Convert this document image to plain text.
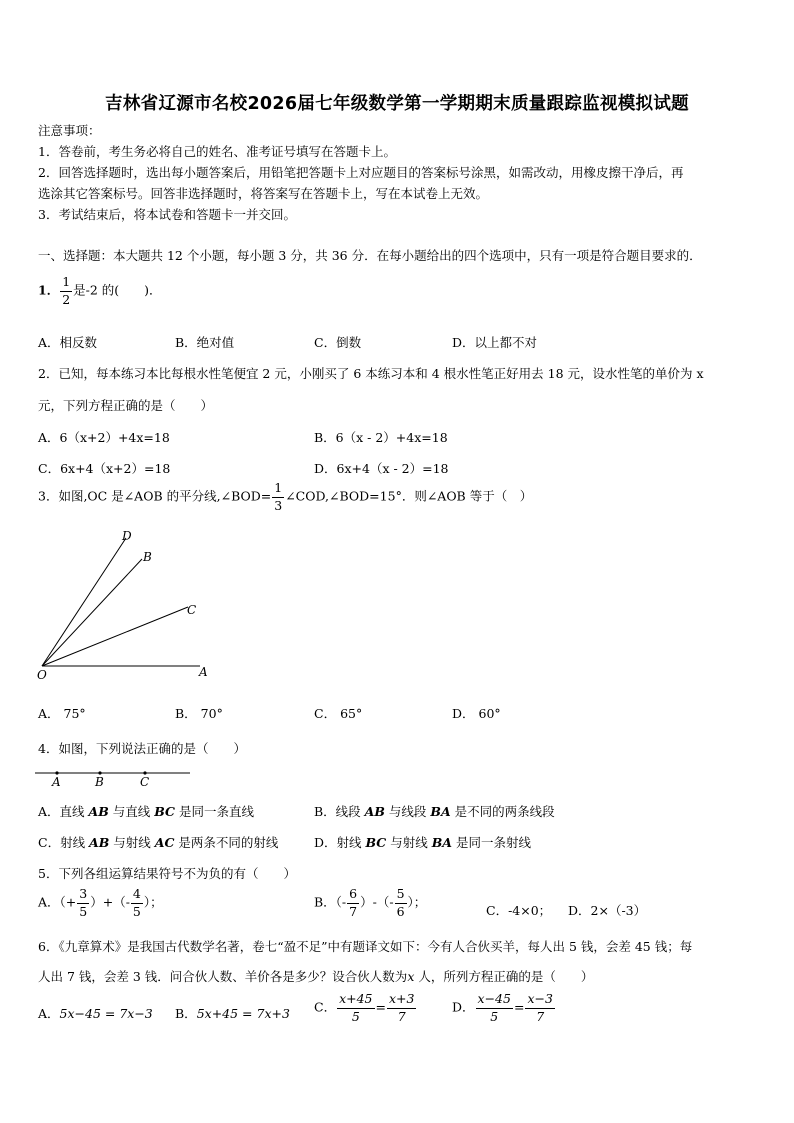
吉林省辽源市名校2026届七年级数学第一学期期末质量跟踪监视模拟试题
注意事项：
1．答卷前，考生务必将自己的姓名、准考证号填写在答题卡上。
2．回答选择题时，选出每小题答案后，用铅笔把答题卡上对应题目的答案标号涂黑，如需改动，用橡皮擦干净后，再
选涂其它答案标号。回答非选择题时，将答案写在答题卡上，写在本试卷上无效。
3．考试结束后，将本试卷和答题卡一并交回。
一、选择题：本大题共 12 个小题，每小题 3 分，共 36 分．在每小题给出的四个选项中，只有一项是符合题目要求的．
1． $\frac{1}{2}$ 是-2 的(　　)．
A．相反数	B．绝对值	C．倒数	D．以上都不对
2．已知，每本练习本比每根水性笔便宜 2 元，小刚买了 6 本练习本和 4 根水性笔正好用去 18 元，设水性笔的单价为 x
元，下列方程正确的是（　　）
A．6（x+2）+4x=18	B．6（x - 2）+4x=18
C．6x+4（x+2）=18	D．6x+4（x - 2）=18
3．如图,OC 是∠AOB 的平分线,∠BOD= $\frac{1}{3}$ ∠COD,∠BOD=15°．则∠AOB 等于（　）
D
B
C
O	A
A． 75°	B． 70°	C． 65°	D． 60°
4．如图，下列说法正确的是（　　）
A	B	C
A．直线 AB 与直线 BC 是同一条直线	B．线段 AB 与线段 BA 是不同的两条线段
C．射线 AB 与射线 AC 是两条不同的射线	D．射线 BC 与射线 BA 是同一条射线
5．下列各组运算结果符号不为负的有（　　）
A．（+ $\frac{3}{5}$ ）+（- $\frac{4}{5}$ ）；	B．（- $\frac{6}{7}$ ）-（- $\frac{5}{6}$ ）；
C．-4×0； D．2×（-3）
6．《九章算术》是我国古代数学名著，卷七“盈不足”中有题译文如下：今有人合伙买羊，每人出 5 钱，会差 45 钱；每
人出 7 钱，会差 3 钱．问合伙人数、羊价各是多少？设合伙人数为x 人，所列方程正确的是（　　）
A．5x−45 = 7x−3 B．5x+45 = 7x+3 C． $\frac{x+45}{5} = \frac{x+3}{7}$	D． $\frac{x-45}{5} = \frac{x-3}{7}$
